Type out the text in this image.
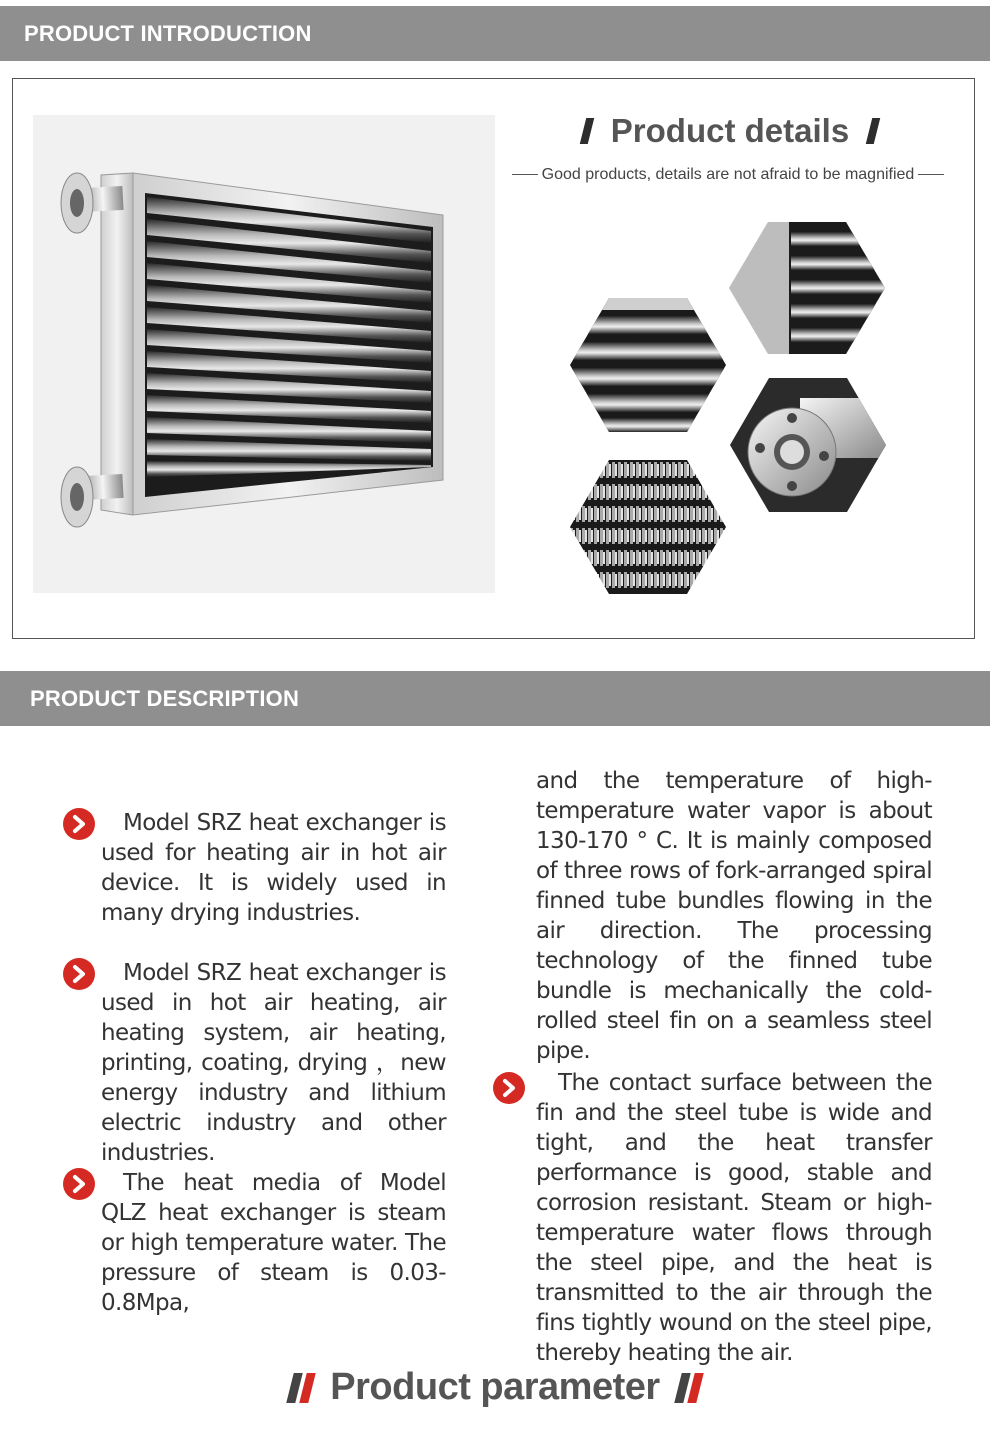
PRODUCT INTRODUCTION
Product details
Good products, details are not afraid to be magnified
PRODUCT DESCRIPTION
Model SRZ heat exchanger is used for heating air in hot air device. It is widely used in many drying industries.
Model SRZ heat exchanger is used in hot air heating, air heating system, air heating, printing, coating, drying ，new energy industry and lithium electric industry and other industries.
The heat media of Model QLZ heat exchanger is steam or high temperature water. The pressure of steam is 0.03-0.8Mpa,
and the temperature of high-temperature water vapor is about 130-170 ° C. It is mainly composed of three rows of fork-arranged spiral finned tube bundles flowing in the air direction. The processing technology of the finned tube bundle is mechanically the cold-rolled steel fin on a seamless steel pipe.
The contact surface between the fin and the steel tube is wide and tight, and the heat transfer performance is good, stable and corrosion resistant. Steam or high-temperature water flows through the steel pipe, and the heat is transmitted to the air through the fins tightly wound on the steel pipe, thereby heating the air.
Product parameter
